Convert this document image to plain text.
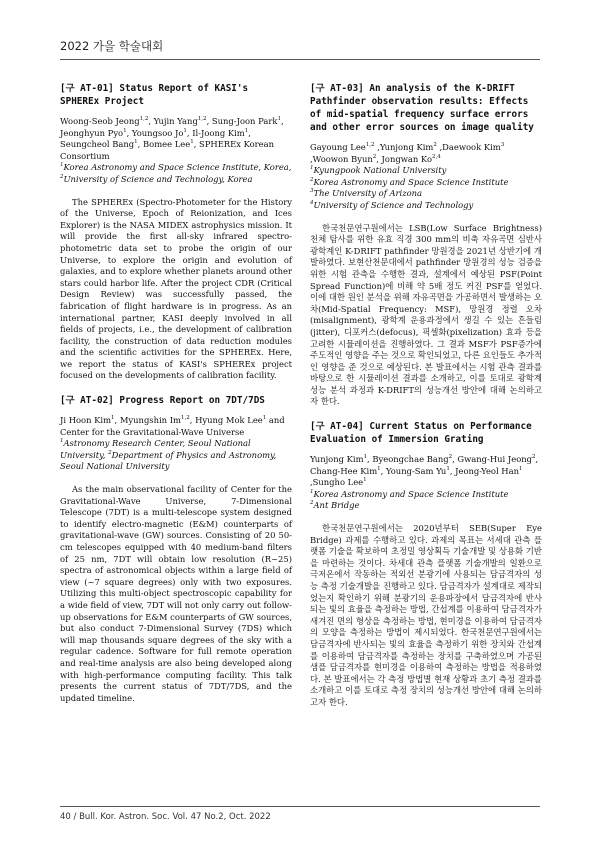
2022 가을 학술대회
[구 AT-01] Status Report of KASI's SPHEREx Project

Woong-Seob Jeong$^{1,2}$, Yujin Yang$^{1,2}$, Sung-Joon Park$^1$, Jeonghyun Pyo$^1$, Youngsoo Jo$^1$, Il-Joong Kim$^1$, Seungcheol Bang$^1$, Bomee Lee$^1$, SPHEREx Korean Consortium

$^1$Korea Astronomy and Space Science Institute, Korea, $^2$University of Science and Technology, Korea

The SPHEREx (Spectro-Photometer for the History of the Universe, Epoch of Reionization, and Ices Explorer) is the NASA MIDEX astrophysics mission. It will provide the first all-sky infrared spectro-photometric data set to probe the origin of our Universe, to explore the origin and evolution of galaxies, and to explore whether planets around other stars could harbor life. After the project CDR (Critical Design Review) was successfully passed, the fabrication of flight hardware is in progress. As an international partner, KASI deeply involved in all fields of projects, i.e., the development of calibration facility, the construction of data reduction modules and the scientific activities for the SPHEREx. Here, we report the status of KASI's SPHEREx project focused on the developments of calibration facility.

[구 AT-02] Progress Report on 7DT/7DS

Ji Hoon Kim$^1$, Myungshin Im$^{1,2}$, Hyung Mok Lee$^1$ and Center for the Gravitational-Wave Universe

$^1$Astronomy Research Center, Seoul National University, $^2$Department of Physics and Astronomy, Seoul National University

As the main observational facility of Center for the Gravitational-Wave Universe, 7-Dimensional Telescope (7DT) is a multi-telescope system designed to identify electro-magnetic (E&M) counterparts of gravitational-wave (GW) sources. Consisting of 20 50-cm telescopes equipped with 40 medium-band filters of 25 nm, 7DT will obtain low resolution (R~25) spectra of astronomical objects within a large field of view (~7 square degrees) only with two exposures. Utilizing this multi-object spectroscopic capability for a wide field of view, 7DT will not only carry out follow-up observations for E&M counterparts of GW sources, but also conduct 7-Dimensional Survey (7DS) which will map thousands square degrees of the sky with a regular cadence. Software for full remote operation and real-time analysis are also being developed along with high-performance computing facility. This talk presents the current status of 7DT/7DS, and the updated timeline.

[구 AT-03] An analysis of the K-DRIFT Pathfinder observation results: Effects of mid-spatial frequency surface errors and other error sources on image quality

Gayoung Lee$^{1,2}$ ,Yunjong Kim$^2$ ,Daewook Kim$^3$ ,Woowon Byun$^2$, Jongwan Ko$^{2,4}$

$^1$Kyungpook National University

$^2$Korea Astronomy and Space Science Institute

$^3$The University of Arizona

$^4$University of Science and Technology

한국천문연구원에서는 LSB(Low Surface Brightness) 천체 탐사를 위한 유효 직경 300 mm의 비축 자유곡면 심반사 광학계인 K-DRIFT pathfinder 망원경을 2021년 상반기에 개발하였다. 보현산천문대에서 pathfinder 망원경의 성능 검증을 위한 시험 관측을 수행한 결과, 설계에서 예상된 PSF(Point Spread Function)에 비해 약 5배 정도 커진 PSF를 얻었다. 이에 대한 원인 분석을 위해 자유곡면을 가공하면서 발생하는 오차(Mid-Spatial Frequency: MSF), 망원경 정렬 오차(misalignment), 광학계 운용과정에서 생길 수 있는 흔들림(jitter), 디포커스(defocus), 픽셀화(pixelization) 효과 등을 고려한 시뮬레이션을 진행하였다. 그 결과 MSF가 PSF증가에 주도적인 영향을 주는 것으로 확인되었고, 다른 요인들도 추가적인 영향을 준 것으로 예상된다. 본 발표에서는 시험 관측 결과를 바탕으로 한 시뮬레이션 결과를 소개하고, 이를 토대로 광학계 성능 분석 과정과 K-DRIFT의 성능개선 방안에 대해 논의하고자 한다.

[구 AT-04] Current Status on Performance Evaluation of Immersion Grating

Yunjong Kim$^1$, Byeongchae Bang$^2$, Gwang-Hui Jeong$^2$, Chang-Hee Kim$^1$, Young-Sam Yu$^1$, Jeong-Yeol Han$^1$ ,Sungho Lee$^1$

$^1$Korea Astronomy and Space Science Institute

$^2$Ant Bridge

한국천문연구원에서는 2020년부터 SEB(Super Eye Bridge) 과제를 수행하고 있다. 과제의 목표는 서세대 관측 플랫폼 기술을 확보하여 초정밀 영상획득 기술개발 및 상용화 기반을 마련하는 것이다. 차세대 관측 플랫폼 기술개발의 일환으로 극저온에서 작동하는 적외선 분광기에 사용되는 담금격자의 성능 측정 기술개발을 진행하고 있다. 담금격자가 설계대로 제작되었는지 확인하기 위해 분광기의 운용파장에서 담금격자에 반사되는 빛의 효율을 측정하는 방법, 간섭계를 이용하여 담금격자가 새겨진 면의 형상을 측정하는 방법, 현미경을 이용하여 담금격자의 모양을 측정하는 방법이 제시되었다. 한국천문연구원에서는 담금격자에 반사되는 빛의 효율을 측정하기 위한 장치와 간섭계를 이용하여 담금격자를 측정하는 장치를 구축하였으며 가공된 샘플 담금격자를 현미경을 이용하여 측정하는 방법을 적용하였다. 본 발표에서는 각 측정 방법별 현재 상황과 초기 측정 결과를 소개하고 이를 토대로 측정 장치의 성능개선 방안에 대해 논의하고자 한다.

40 / Bull. Kor. Astron. Soc. Vol. 47 No.2, Oct. 2022
